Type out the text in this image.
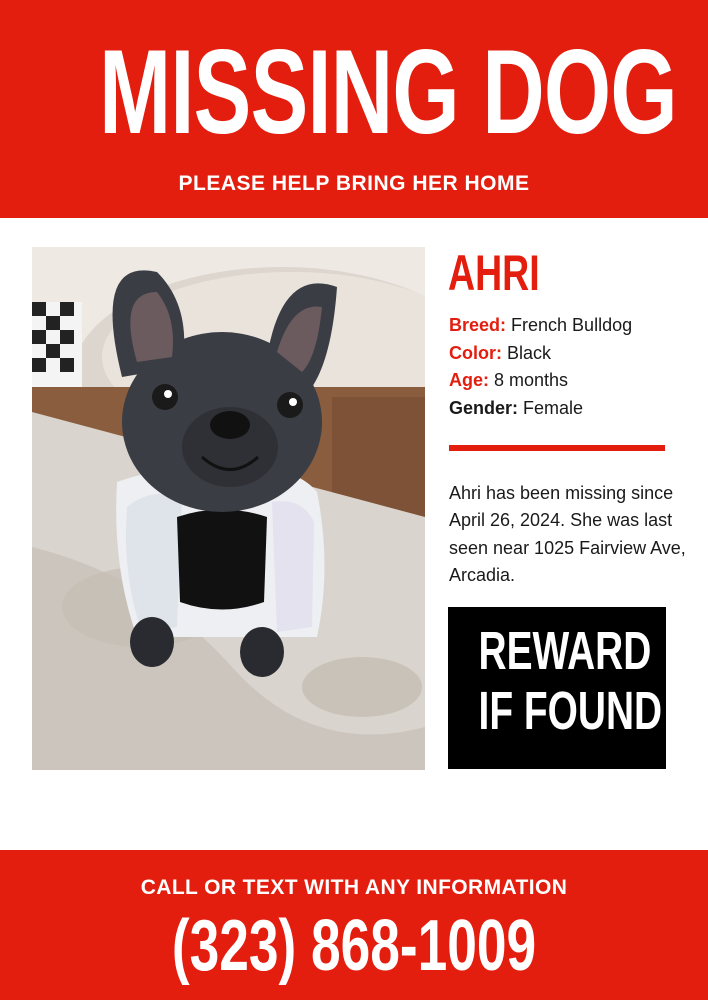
MISSING DOG
PLEASE HELP BRING HER HOME
AHRI
Breed: French Bulldog
Color: Black
Age: 8 months
Gender: Female
Ahri has been missing since April 26, 2024. She was last seen near 1025 Fairview Ave, Arcadia.
REWARD
IF FOUND
CALL OR TEXT WITH ANY INFORMATION
(323) 868-1009
